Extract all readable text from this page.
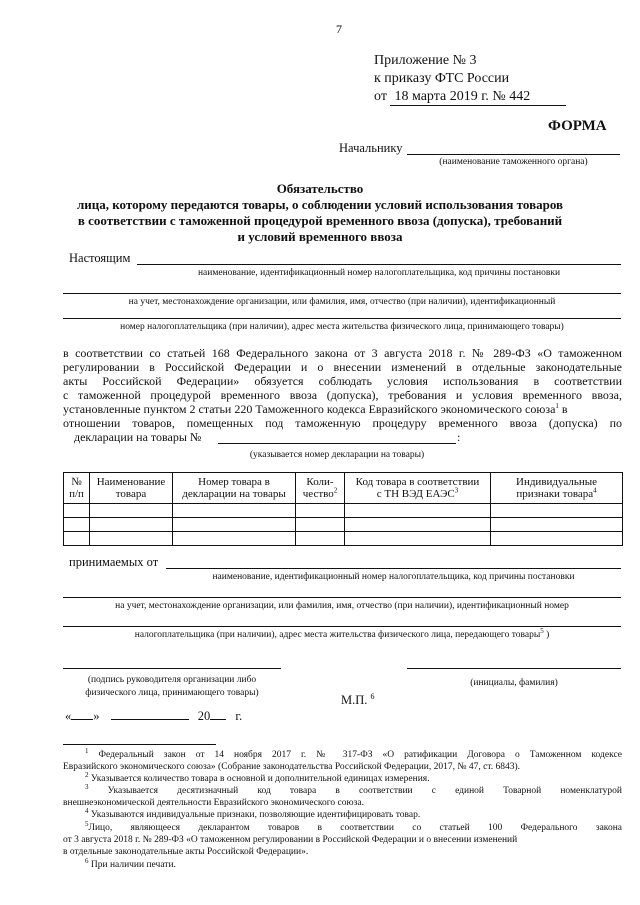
7
Приложение № 3
к приказу ФТС России
от 18 марта 2019 г. № 442
ФОРМА
Начальнику
(наименование таможенного органа)
Обязательство
лица, которому передаются товары, о соблюдении условий использования товаров
в соответствии с таможенной процедурой временного ввоза (допуска), требований
и условий временного ввоза
Настоящим
наименование, идентификационный номер налогоплательщика, код причины постановки
на учет, местонахождение организации, или фамилия, имя, отчество (при наличии), идентификационный
номер налогоплательщика (при наличии), адрес места жительства физического лица, принимающего товары)
в соответствии со статьей 168 Федерального закона от 3 августа 2018 г. № 289-ФЗ «О таможенном
регулировании в Российской Федерации и о внесении изменений в отдельные законодательные
акты Российской Федерации» обязуется соблюдать условия использования в соответствии
с таможенной процедурой временного ввоза (допуска), требования и условия временного ввоза,
установленные пунктом 2 статьи 220 Таможенного кодекса Евразийского экономического союза$^1$ в
отношении товаров, помещенных под таможенную процедуру временного ввоза (допуска) по
декларации на товары №	:
(указывается номер декларации на товары)
№
п/п	Наименование
товара	Номер товара в
декларации на товары	Коли-
чество$^2$	Код товара в соответствии
с ТН ВЭД ЕАЭС$^3$	Индивидуальные
признаки товара$^4$

принимаемых от
наименование, идентификационный номер налогоплательщика, код причины постановки
на учет, местонахождение организации, или фамилия, имя, отчество (при наличии), идентификационный номер
налогоплательщика (при наличии), адрес места жительства физического лица, передающего товары$^5$ )
(подпись руководителя организации либо
физического лица, принимающего товары)
(инициалы, фамилия)
М.П. $^6$
« »	20 г.
$^1$ Федеральный закон от 14 ноября 2017 г. № 317-ФЗ «О ратификации Договора о Таможенном кодексе
Евразийского экономического союза» (Собрание законодательства Российской Федерации, 2017, № 47, ст. 6843).
$^2$ Указывается количество товара в основной и дополнительной единицах измерения.
$^3$ Указывается десятизначный код товара в соответствии с единой Товарной номенклатурой
внешнеэкономической деятельности Евразийского экономического союза.
$^4$ Указываются индивидуальные признаки, позволяющие идентифицировать товар.
$^5$Лицо, являющееся декларантом товаров в соответствии со статьей 100 Федерального закона
от 3 августа 2018 г. № 289-ФЗ «О таможенном регулировании в Российской Федерации и о внесении изменений
в отдельные законодательные акты Российской Федерации».
$^6$ При наличии печати.
